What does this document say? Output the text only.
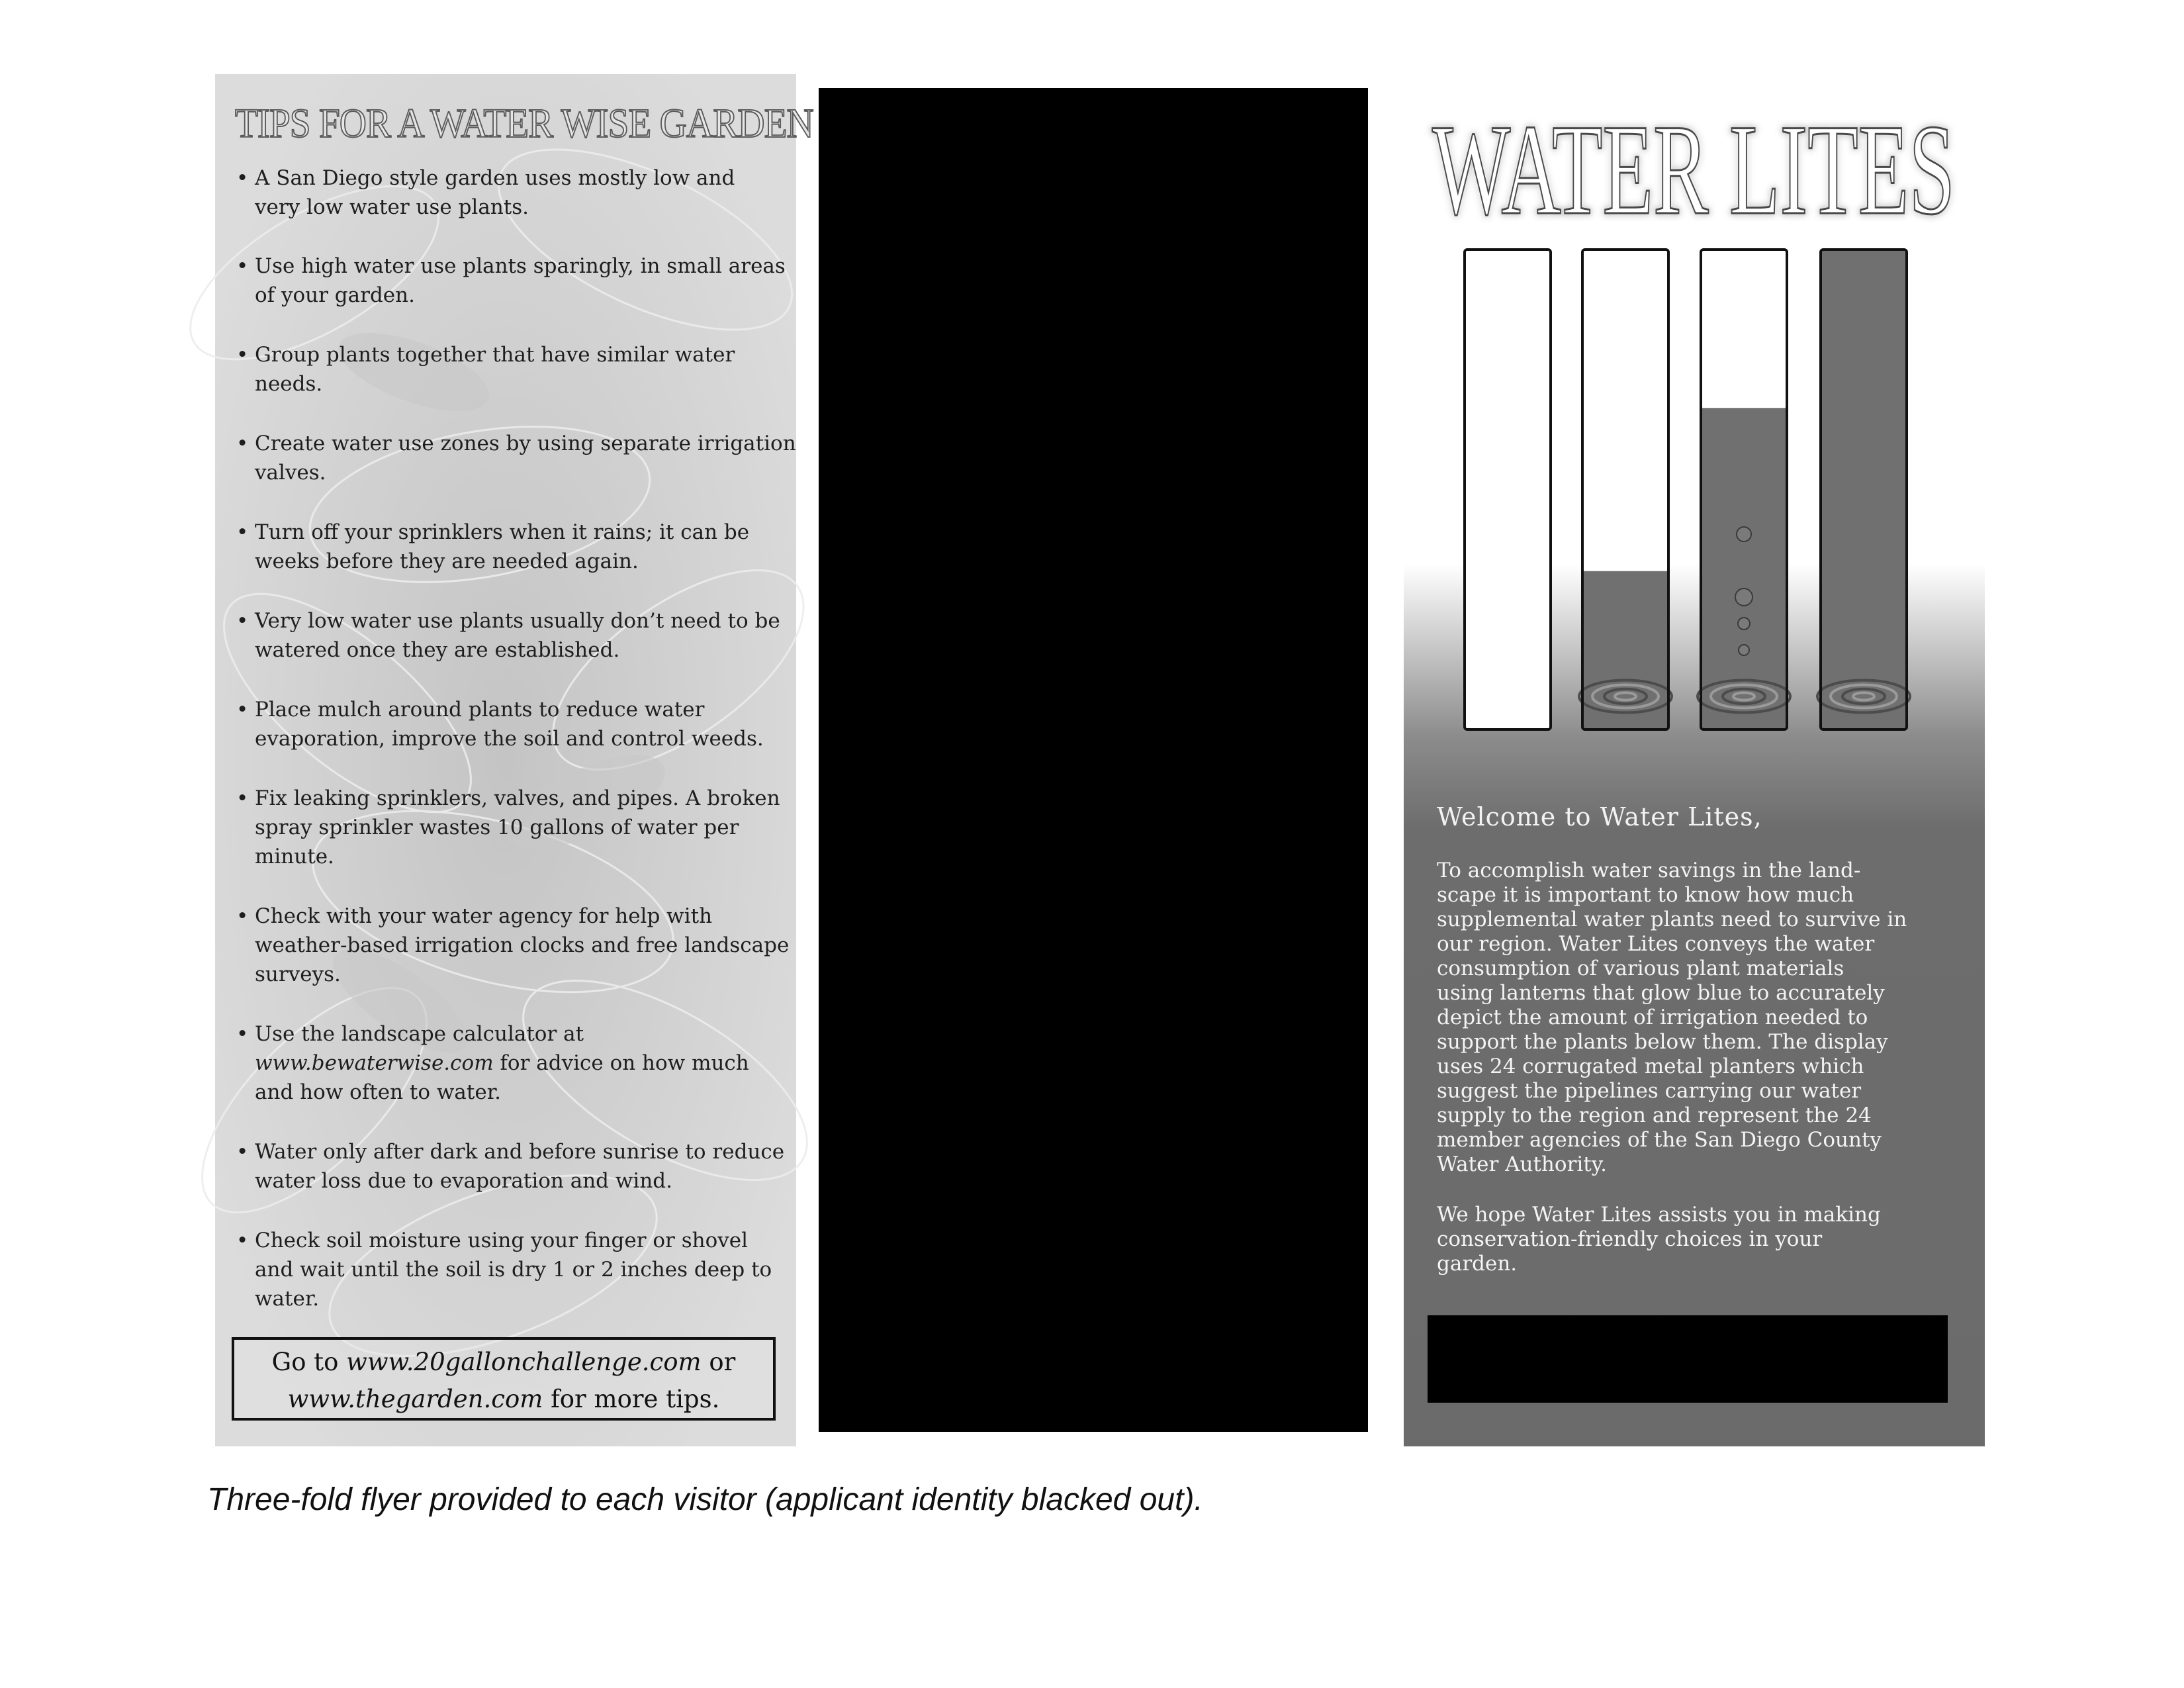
TIPS FOR A WATER WISE GARDEN
• A San Diego style garden uses mostly low and
very low water use plants.
• Use high water use plants sparingly, in small areas
of your garden.
• Group plants together that have similar water
needs.
• Create water use zones by using separate irrigation
valves.
• Turn off your sprinklers when it rains; it can be
weeks before they are needed again.
• Very low water use plants usually don’t need to be
watered once they are established.
• Place mulch around plants to reduce water
evaporation, improve the soil and control weeds.
• Fix leaking sprinklers, valves, and pipes. A broken
spray sprinkler wastes 10 gallons of water per
minute.
• Check with your water agency for help with
weather-based irrigation clocks and free landscape
surveys.
• Use the landscape calculator at
www.bewaterwise.com for advice on how much
and how often to water.
• Water only after dark and before sunrise to reduce
water loss due to evaporation and wind.
• Check soil moisture using your finger or shovel
and wait until the soil is dry 1 or 2 inches deep to
water.
Go to www.20gallonchallenge.com or
www.thegarden.com for more tips.
WATER LITES
Welcome to Water Lites,
To accomplish water savings in the land-
scape it is important to know how much
supplemental water plants need to survive in
our region. Water Lites conveys the water
consumption of various plant materials
using lanterns that glow blue to accurately
depict the amount of irrigation needed to
support the plants below them. The display
uses 24 corrugated metal planters which
suggest the pipelines carrying our water
supply to the region and represent the 24
member agencies of the San Diego County
Water Authority.
We hope Water Lites assists you in making
conservation-friendly choices in your
garden.
Three-fold flyer provided to each visitor (applicant identity blacked out).
